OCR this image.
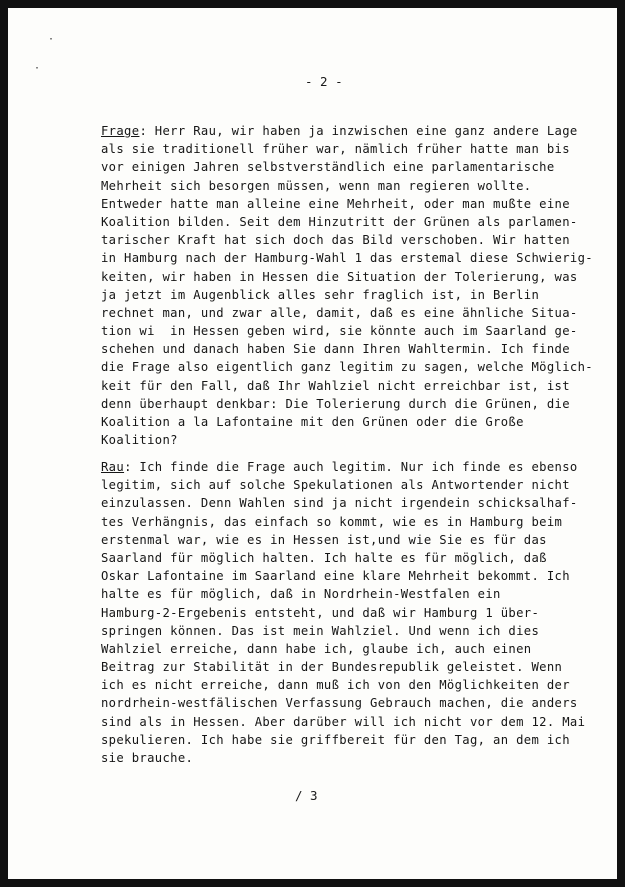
·
·
- 2 -
Frage: Herr Rau, wir haben ja inzwischen eine ganz andere Lage
als sie traditionell früher war, nämlich früher hatte man bis
vor einigen Jahren selbstverständlich eine parlamentarische
Mehrheit sich besorgen müssen, wenn man regieren wollte.
Entweder hatte man alleine eine Mehrheit, oder man mußte eine
Koalition bilden. Seit dem Hinzutritt der Grünen als parlamen-
tarischer Kraft hat sich doch das Bild verschoben. Wir hatten
in Hamburg nach der Hamburg-Wahl 1 das erstemal diese Schwierig-
keiten, wir haben in Hessen die Situation der Tolerierung, was
ja jetzt im Augenblick alles sehr fraglich ist, in Berlin
rechnet man, und zwar alle, damit, daß es eine ähnliche Situa-
tion wi  in Hessen geben wird, sie könnte auch im Saarland ge-
schehen und danach haben Sie dann Ihren Wahltermin. Ich finde
die Frage also eigentlich ganz legitim zu sagen, welche Möglich-
keit für den Fall, daß Ihr Wahlziel nicht erreichbar ist, ist
denn überhaupt denkbar: Die Tolerierung durch die Grünen, die
Koalition a la Lafontaine mit den Grünen oder die Große
Koalition?
Rau: Ich finde die Frage auch legitim. Nur ich finde es ebenso
legitim, sich auf solche Spekulationen als Antwortender nicht
einzulassen. Denn Wahlen sind ja nicht irgendein schicksalhaf-
tes Verhängnis, das einfach so kommt, wie es in Hamburg beim
erstenmal war, wie es in Hessen ist,und wie Sie es für das
Saarland für möglich halten. Ich halte es für möglich, daß
Oskar Lafontaine im Saarland eine klare Mehrheit bekommt. Ich
halte es für möglich, daß in Nordrhein-Westfalen ein
Hamburg-2-Ergebenis entsteht, und daß wir Hamburg 1 über-
springen können. Das ist mein Wahlziel. Und wenn ich dies
Wahlziel erreiche, dann habe ich, glaube ich, auch einen
Beitrag zur Stabilität in der Bundesrepublik geleistet. Wenn
ich es nicht erreiche, dann muß ich von den Möglichkeiten der
nordrhein-westfälischen Verfassung Gebrauch machen, die anders
sind als in Hessen. Aber darüber will ich nicht vor dem 12. Mai
spekulieren. Ich habe sie griffbereit für den Tag, an dem ich
sie brauche.
/ 3
